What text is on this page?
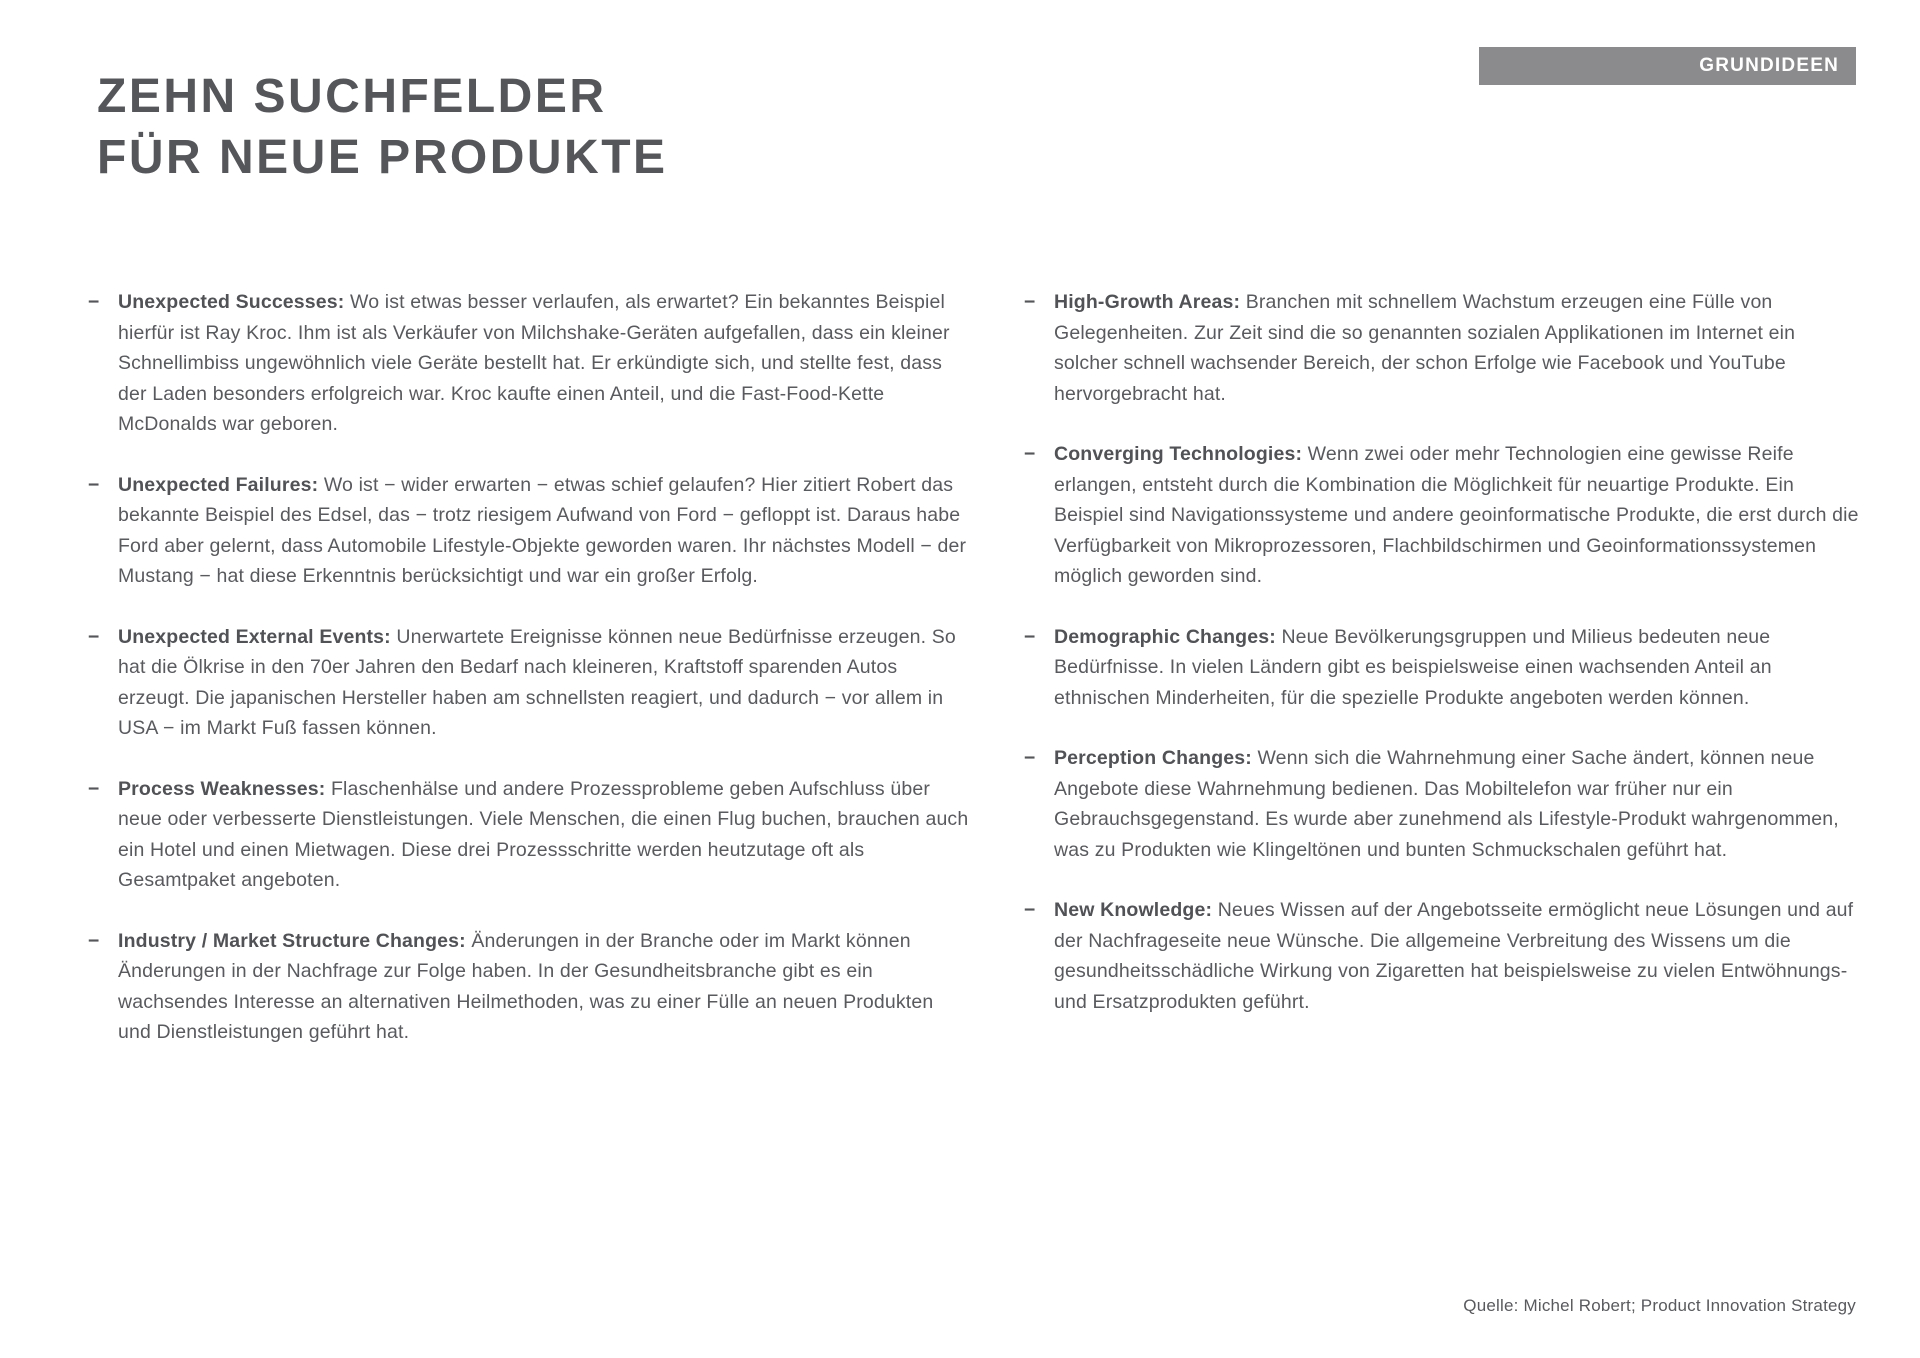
GRUNDIDEEN
ZEHN SUCHFELDER
FÜR NEUE PRODUKTE
− Unexpected Successes: Wo ist etwas besser verlaufen, als erwartet? Ein bekanntes Beispiel hierfür ist Ray Kroc. Ihm ist als Verkäufer von Milchshake-Geräten aufgefallen, dass ein kleiner Schnellimbiss ungewöhnlich viele Geräte bestellt hat. Er erkündigte sich, und stellte fest, dass der Laden besonders erfolgreich war. Kroc kaufte einen Anteil, und die Fast-Food-Kette McDonalds war geboren.
− Unexpected Failures: Wo ist − wider erwarten − etwas schief gelaufen? Hier zitiert Robert das bekannte Beispiel des Edsel, das − trotz riesigem Aufwand von Ford − gefloppt ist. Daraus habe Ford aber gelernt, dass Automobile Lifestyle-Objekte geworden waren. Ihr nächstes Modell − der Mustang − hat diese Erkenntnis berücksichtigt und war ein großer Erfolg.
− Unexpected External Events: Unerwartete Ereignisse können neue Bedürfnisse erzeugen. So hat die Ölkrise in den 70er Jahren den Bedarf nach kleineren, Kraftstoff sparenden Autos erzeugt. Die japanischen Hersteller haben am schnellsten reagiert, und dadurch − vor allem in USA − im Markt Fuß fassen können.
− Process Weaknesses: Flaschenhälse und andere Prozessprobleme geben Aufschluss über neue oder verbesserte Dienstleistungen. Viele Menschen, die einen Flug buchen, brauchen auch ein Hotel und einen Mietwagen. Diese drei Prozessschritte werden heutzutage oft als Gesamtpaket angeboten.
− Industry / Market Structure Changes: Änderungen in der Branche oder im Markt können Änderungen in der Nachfrage zur Folge haben. In der Gesundheitsbranche gibt es ein wachsendes Interesse an alternativen Heilmethoden, was zu einer Fülle an neuen Produkten und Dienstleistungen geführt hat.
− High-Growth Areas: Branchen mit schnellem Wachstum erzeugen eine Fülle von Gelegenheiten. Zur Zeit sind die so genannten sozialen Applikationen im Internet ein solcher schnell wachsender Bereich, der schon Erfolge wie Facebook und YouTube hervorgebracht hat.
− Converging Technologies: Wenn zwei oder mehr Technologien eine gewisse Reife erlangen, entsteht durch die Kombination die Möglichkeit für neuartige Produkte. Ein Beispiel sind Navigationssysteme und andere geoinformatische Produkte, die erst durch die Verfügbarkeit von Mikroprozessoren, Flachbildschirmen und Geoinformationssystemen möglich geworden sind.
− Demographic Changes: Neue Bevölkerungsgruppen und Milieus bedeuten neue Bedürfnisse. In vielen Ländern gibt es beispielsweise einen wachsenden Anteil an ethnischen Minderheiten, für die spezielle Produkte angeboten werden können.
− Perception Changes: Wenn sich die Wahrnehmung einer Sache ändert, können neue Angebote diese Wahrnehmung bedienen. Das Mobiltelefon war früher nur ein Gebrauchsgegenstand. Es wurde aber zunehmend als Lifestyle-Produkt wahrgenommen, was zu Produkten wie Klingeltönen und bunten Schmuckschalen geführt hat.
− New Knowledge: Neues Wissen auf der Angebotsseite ermöglicht neue Lösungen und auf der Nachfrageseite neue Wünsche. Die allgemeine Verbreitung des Wissens um die gesundheitsschädliche Wirkung von Zigaretten hat beispielsweise zu vielen Entwöhnungs- und Ersatzprodukten geführt.
Quelle: Michel Robert; Product Innovation Strategy
